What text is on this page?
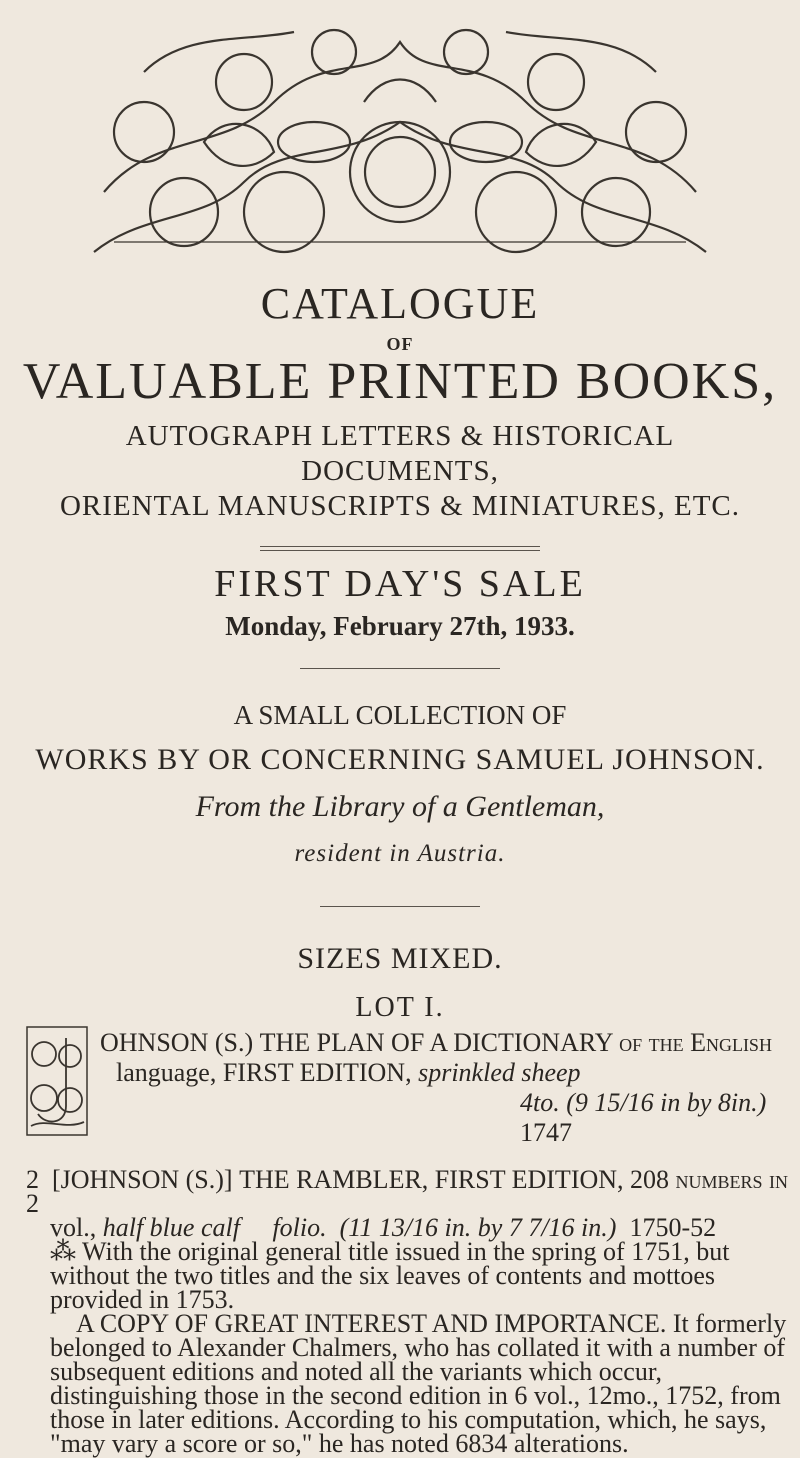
CATALOGUE
OF
VALUABLE PRINTED BOOKS,
AUTOGRAPH LETTERS & HISTORICAL
DOCUMENTS,
ORIENTAL MANUSCRIPTS & MINIATURES, ETC.
FIRST DAY'S SALE
Monday, February 27th, 1933.
A SMALL COLLECTION OF
WORKS BY OR CONCERNING SAMUEL JOHNSON.
From the Library of a Gentleman,
resident in Austria.
SIZES MIXED.
LOT I.
OHNSON (S.) THE PLAN OF A DICTIONARY of the English
language, FIRST EDITION, sprinkled sheep
4to. (9 15/16 in by 8in.) 1747

2 [JOHNSON (S.)] THE RAMBLER, FIRST EDITION, 208 numbers in 2

vol., half blue calf folio. (11 13/16 in. by 7 7/16 in.) 1750-52

⁂ With the original general title issued in the spring of 1751, but without the two titles and the six leaves of contents and mottoes provided in 1753.

A COPY OF GREAT INTEREST AND IMPORTANCE. It formerly belonged to Alexander Chalmers, who has collated it with a number of subsequent editions and noted all the variants which occur, distinguishing those in the second edition in 6 vol., 12mo., 1752, from those in later editions. According to his computation, which, he says, "may vary a score or so," he has noted 6834 alterations.
